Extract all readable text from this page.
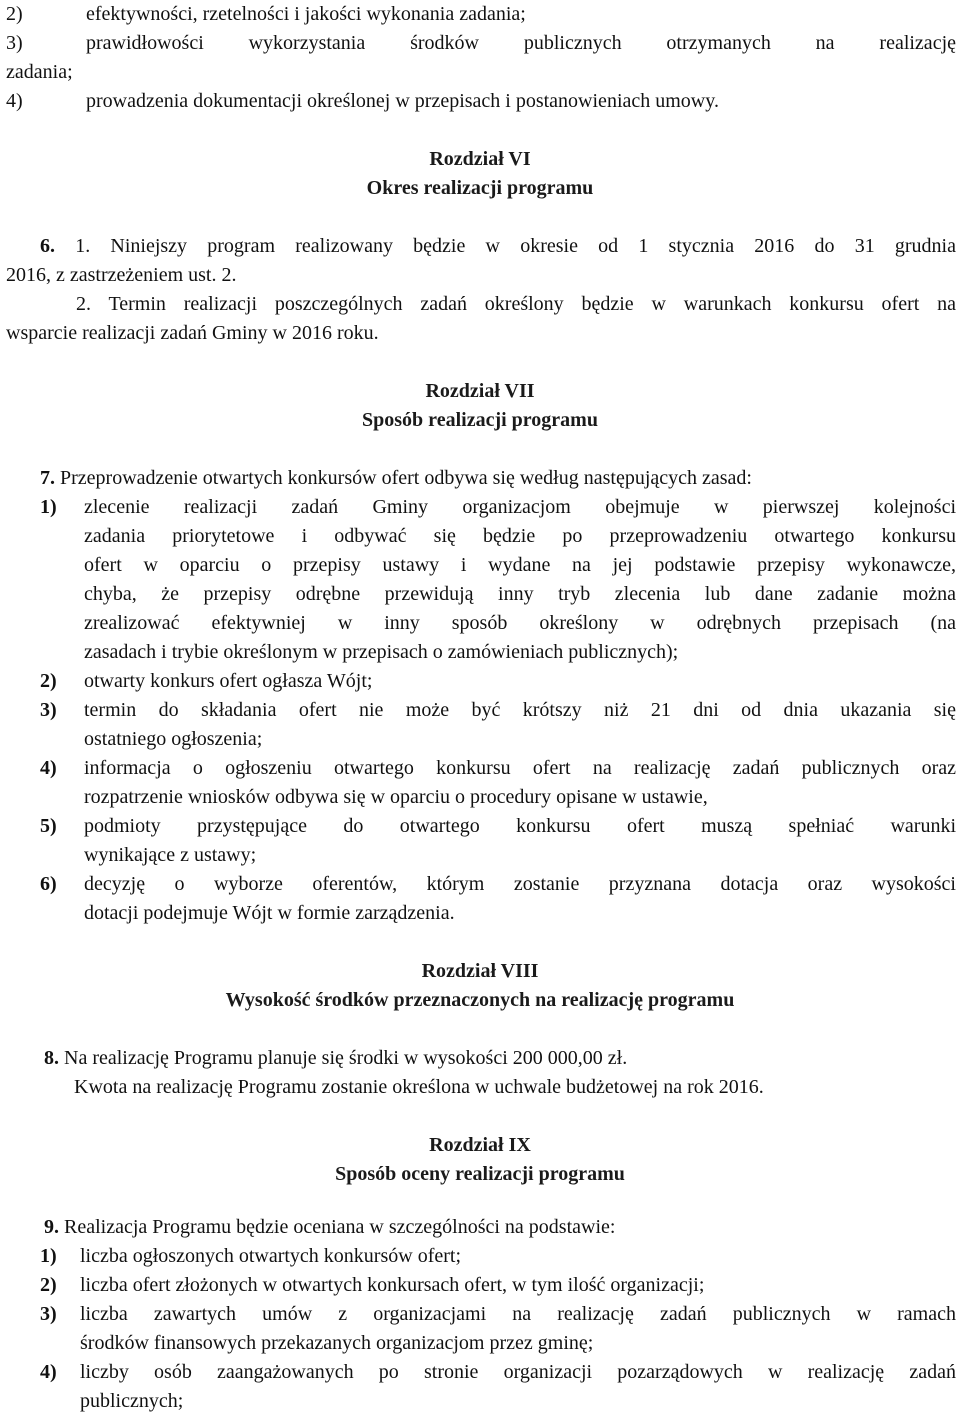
2)	efektywności, rzetelności i jakości wykonania zadania;
3)	prawidłowości wykorzystania środków publicznych otrzymanych na realizację
zadania;
4)	prowadzenia dokumentacji określonej w przepisach i postanowieniach umowy.
Rozdział VI
Okres realizacji programu
6. 1. Niniejszy program realizowany będzie w okresie od 1 stycznia 2016 do 31 grudnia
2016, z zastrzeżeniem ust. 2.
2. Termin realizacji poszczególnych zadań określony będzie w warunkach konkursu ofert na
wsparcie realizacji zadań Gminy w 2016 roku.
Rozdział VII
Sposób realizacji programu
7. Przeprowadzenie otwartych konkursów ofert odbywa się według następujących zasad:
1) zlecenie realizacji zadań Gminy organizacjom obejmuje w pierwszej kolejności
zadania priorytetowe i odbywać się będzie po przeprowadzeniu otwartego konkursu
ofert w oparciu o przepisy ustawy i wydane na jej podstawie przepisy wykonawcze,
chyba, że przepisy odrębne przewidują inny tryb zlecenia lub dane zadanie można
zrealizować efektywniej w inny sposób określony w odrębnych przepisach (na
zasadach i trybie określonym w przepisach o zamówieniach publicznych);
2) otwarty konkurs ofert ogłasza Wójt;
3) termin do składania ofert nie może być krótszy niż 21 dni od dnia ukazania się
ostatniego ogłoszenia;
4) informacja o ogłoszeniu otwartego konkursu ofert na realizację zadań publicznych oraz
rozpatrzenie wniosków odbywa się w oparciu o procedury opisane w ustawie,
5) podmioty przystępujące do otwartego konkursu ofert muszą spełniać warunki
wynikające z ustawy;
6) decyzję o wyborze oferentów, którym zostanie przyznana dotacja oraz wysokości
dotacji podejmuje Wójt w formie zarządzenia.
Rozdział VIII
Wysokość środków przeznaczonych na realizację programu
8. Na realizację Programu planuje się środki w wysokości 200 000,00 zł.
Kwota na realizację Programu zostanie określona w uchwale budżetowej na rok 2016.
Rozdział IX
Sposób oceny realizacji programu
9. Realizacja Programu będzie oceniana w szczególności na podstawie:
1) liczba ogłoszonych otwartych konkursów ofert;
2) liczba ofert złożonych w otwartych konkursach ofert, w tym ilość organizacji;
3) liczba zawartych umów z organizacjami na realizację zadań publicznych w ramach
środków finansowych przekazanych organizacjom przez gminę;
4) liczby osób zaangażowanych po stronie organizacji pozarządowych w realizację zadań
publicznych;
